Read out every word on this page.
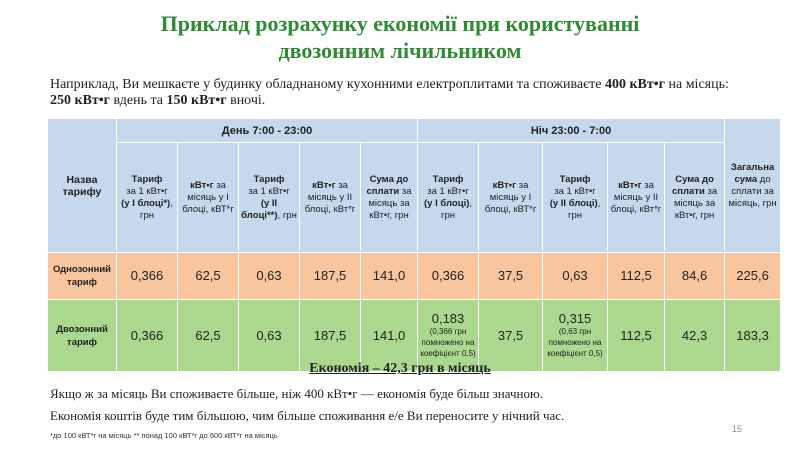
Приклад розрахунку економії при користуванні
двозонним лічильником
Наприклад, Ви мешкаєте у будинку обладнаному кухонними електроплитами та споживаєте 400 кВт•г на місяць: 250 кВт•г вдень та 150 кВт•г вночі.
Назва тарифу	День 7:00 - 23:00					Ніч 23:00 - 7:00					Загальна сума до сплати за місяць, грн
	Тариф
за 1 кВт•г
(у І блоці*), грн	кВт•г за місяць у І блоці, кВТ*г	Тариф
за 1 кВт•г
(у ІІ блоці**), грн	кВт•г за місяць у ІІ блоці, кВт*г	Сума до сплати за місяць за кВт•г, грн	Тариф
за 1 кВт•г
(у І блоці), грн	кВт•г за місяць у І блоці, кВТ*г	Тариф
за 1 кВт•г
(у ІІ блоці), грн	кВт•г за місяць у ІІ блоці, кВт*г	Сума до сплати за місяць за кВт•г, грн	
Однозонний тариф	0,366	62,5	0,63	187,5	141,0	0,366	37,5	0,63	112,5	84,6	225,6
Двозонний тариф	0,366	62,5	0,63	187,5	141,0	0,183
(0,366 грн помножено на коефіцієнт 0,5)	37,5	0,315
(0,63 грн помножено на коефіцієнт 0,5)	112,5	42,3	183,3
Економія – 42,3 грн в місяць
Якщо ж за місяць Ви споживаєте більше, ніж 400 кВт•г — економія буде більш значною.
Економія коштів буде тим більшою, чим більше споживання е/е Ви переносите у нічний час.
*до 100 кВТ*г на місяць ** понад 100 кВТ*г до 600 кВТ*г на місяць
15
